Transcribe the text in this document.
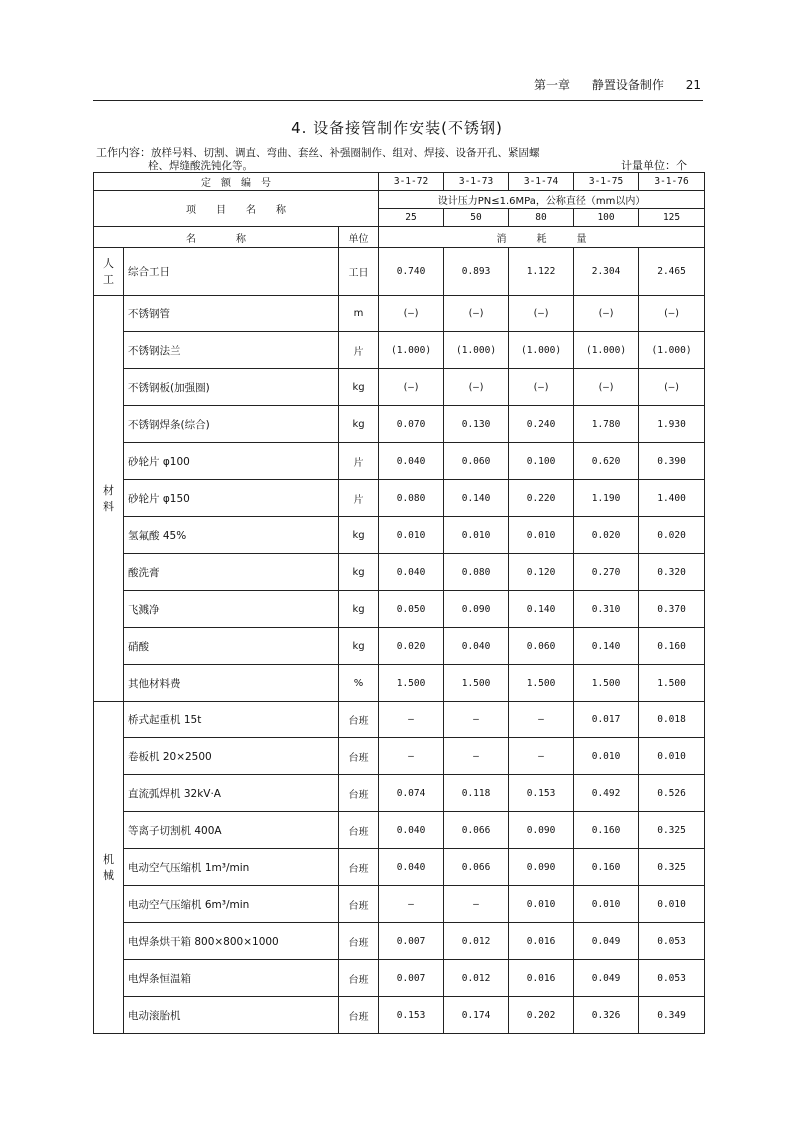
第一章 静置设备制作 21
4. 设备接管制作安装(不锈钢)
工作内容：放样号料、切割、调直、弯曲、套丝、补强圈制作、组对、焊接、设备开孔、紧固螺
栓、焊缝酸洗钝化等。	计量单位：个
定　额　编　号			3-1-72	3-1-73	3-1-74	3-1-75	3-1-76
项　　目　　名　　称			设计压力PN≤1.6MPa，公称直径（mm以内）				
			25	50	80	100	125
名　　　　称		单位	消　　　耗　　　量				

人
工	综合工日	工日	0.740	0.893	1.122	2.304	2.465

材
料	不锈钢管	m	(—)	(—)	(—)	(—)	(—)
	不锈钢法兰	片	(1.000)	(1.000)	(1.000)	(1.000)	(1.000)
	不锈钢板(加强圈)	kg	(—)	(—)	(—)	(—)	(—)
	不锈钢焊条(综合)	kg	0.070	0.130	0.240	1.780	1.930
	砂轮片 φ100	片	0.040	0.060	0.100	0.620	0.390
	砂轮片 φ150	片	0.080	0.140	0.220	1.190	1.400
	氢氟酸 45%	kg	0.010	0.010	0.010	0.020	0.020
	酸洗膏	kg	0.040	0.080	0.120	0.270	0.320
	飞溅净	kg	0.050	0.090	0.140	0.310	0.370
	硝酸	kg	0.020	0.040	0.060	0.140	0.160
	其他材料费	%	1.500	1.500	1.500	1.500	1.500

机
械	桥式起重机 15t	台班	—	—	—	0.017	0.018
	卷板机 20×2500	台班	—	—	—	0.010	0.010
	直流弧焊机 32kV·A	台班	0.074	0.118	0.153	0.492	0.526
	等离子切割机 400A	台班	0.040	0.066	0.090	0.160	0.325
	电动空气压缩机 1m³/min	台班	0.040	0.066	0.090	0.160	0.325
	电动空气压缩机 6m³/min	台班	—	—	0.010	0.010	0.010
	电焊条烘干箱 800×800×1000	台班	0.007	0.012	0.016	0.049	0.053
	电焊条恒温箱	台班	0.007	0.012	0.016	0.049	0.053
	电动滚胎机	台班	0.153	0.174	0.202	0.326	0.349
